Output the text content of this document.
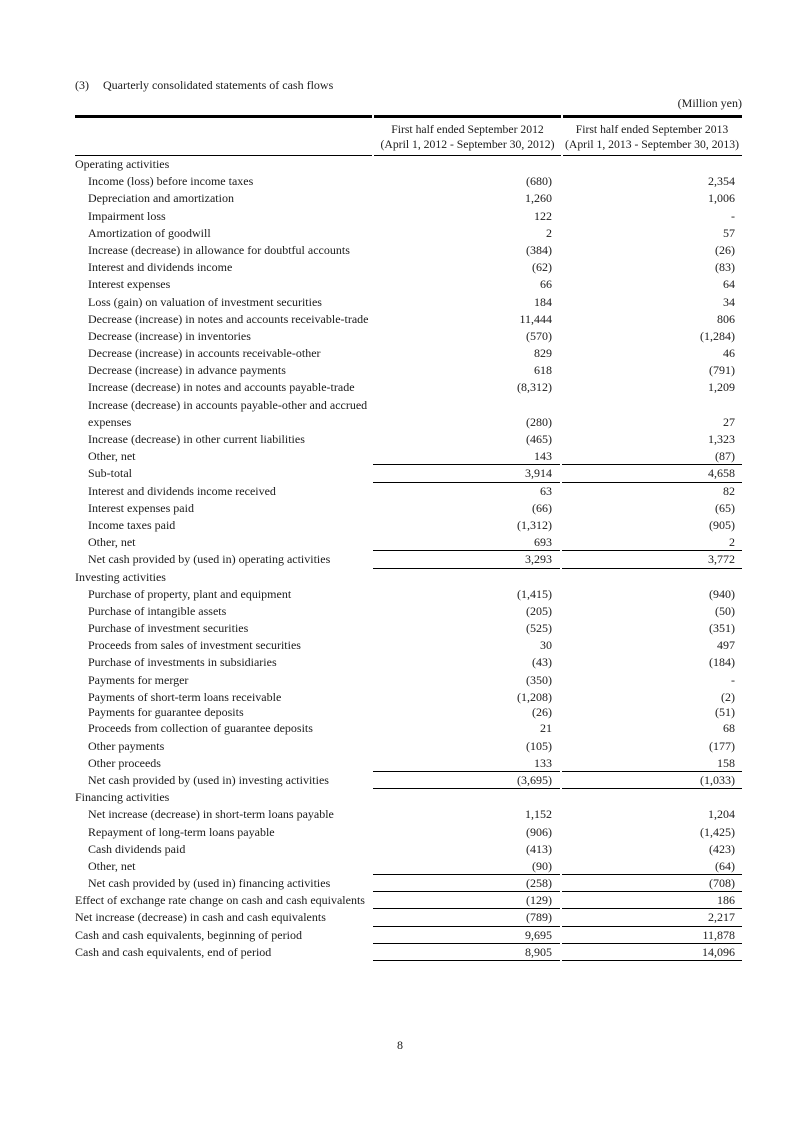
(3) Quarterly consolidated statements of cash flows
(Million yen)
First half ended September 2012
(April 1, 2012 - September 30, 2012)
First half ended September 2013
(April 1, 2013 - September 30, 2013)
Operating activities
Income (loss) before income taxes	(680)	2,354
Depreciation and amortization	1,260	1,006
Impairment loss	122	-
Amortization of goodwill	2	57
Increase (decrease) in allowance for doubtful accounts	(384)	(26)
Interest and dividends income	(62)	(83)
Interest expenses	66	64
Loss (gain) on valuation of investment securities	184	34
Decrease (increase) in notes and accounts receivable-trade	11,444	806
Decrease (increase) in inventories	(570)	(1,284)
Decrease (increase) in accounts receivable-other	829	46
Decrease (increase) in advance payments	618	(791)
Increase (decrease) in notes and accounts payable-trade	(8,312)	1,209
Increase (decrease) in accounts payable-other and accrued expenses	(280)	27
Increase (decrease) in other current liabilities	(465)	1,323
Other, net	143	(87)
Sub-total	3,914	4,658
Interest and dividends income received	63	82
Interest expenses paid	(66)	(65)
Income taxes paid	(1,312)	(905)
Other, net	693	2
Net cash provided by (used in) operating activities	3,293	3,772
Investing activities
Purchase of property, plant and equipment	(1,415)	(940)
Purchase of intangible assets	(205)	(50)
Purchase of investment securities	(525)	(351)
Proceeds from sales of investment securities	30	497
Purchase of investments in subsidiaries	(43)	(184)
Payments for merger	(350)	-
Payments of short-term loans receivable	(1,208)	(2)
Payments for guarantee deposits	(26)	(51)
Proceeds from collection of guarantee deposits	21	68
Other payments	(105)	(177)
Other proceeds	133	158
Net cash provided by (used in) investing activities	(3,695)	(1,033)
Financing activities
Net increase (decrease) in short-term loans payable	1,152	1,204
Repayment of long-term loans payable	(906)	(1,425)
Cash dividends paid	(413)	(423)
Other, net	(90)	(64)
Net cash provided by (used in) financing activities	(258)	(708)
Effect of exchange rate change on cash and cash equivalents	(129)	186
Net increase (decrease) in cash and cash equivalents	(789)	2,217
Cash and cash equivalents, beginning of period	9,695	11,878
Cash and cash equivalents, end of period	8,905	14,096
8
